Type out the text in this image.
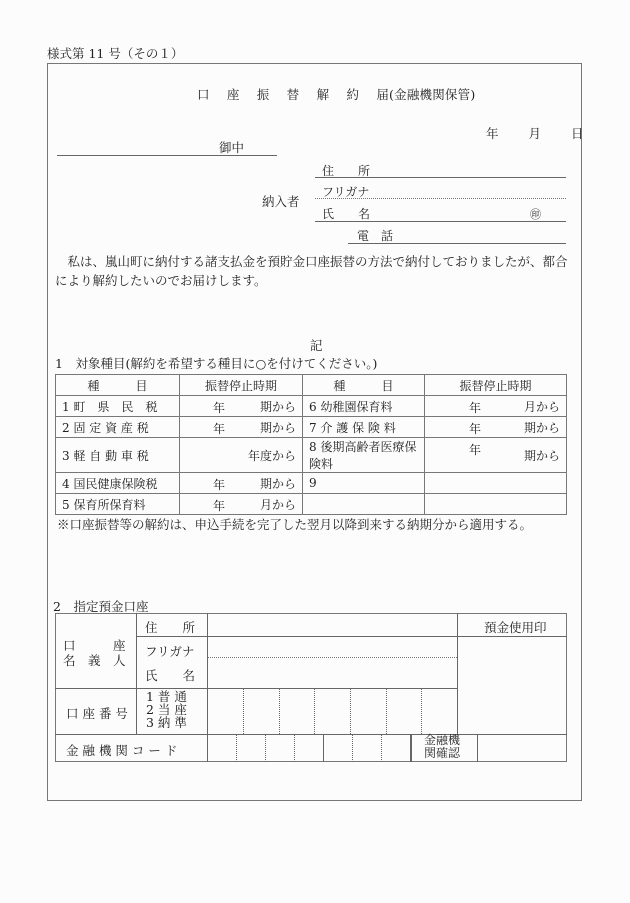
様式第 11 号（その１）
口 座 振 替 解 約 届(金融機関保管)
年 月 日
御中
納入者
住　　所
フリガナ
氏　　名	㊞
電　話
　私は、嵐山町に納付する諸支払金を預貯金口座振替の方法で納付しておりましたが、都合により解約したいのでお届けします。
記
1　対象種目(解約を希望する種目に○を付けてください。)
種　　　目	振替停止時期	種　　　目	振替停止時期
1 町　県　民　税	年 期から	6 幼稚園保育料	年 月から
2 固 定 資 産 税	年 期から	7 介 護 保 険 料	年 期から
3 軽 自 動 車 税	年度から	8 後期高齢者医療保険料	年 期から
4 国民健康保険税	年 期から	9	

5 保育所保育料	年 月から		
※口座振替等の解約は、申込手続を完了した翌月以降到来する納期分から適用する。
2　指定預金口座
口　　　座
名　義　人
住　　所
フリガナ
氏　　名
預金使用印
口 座 番 号
1 普 通
2 当 座
3 納 準
金 融 機 関 コ ー ド
金融機
関確認
